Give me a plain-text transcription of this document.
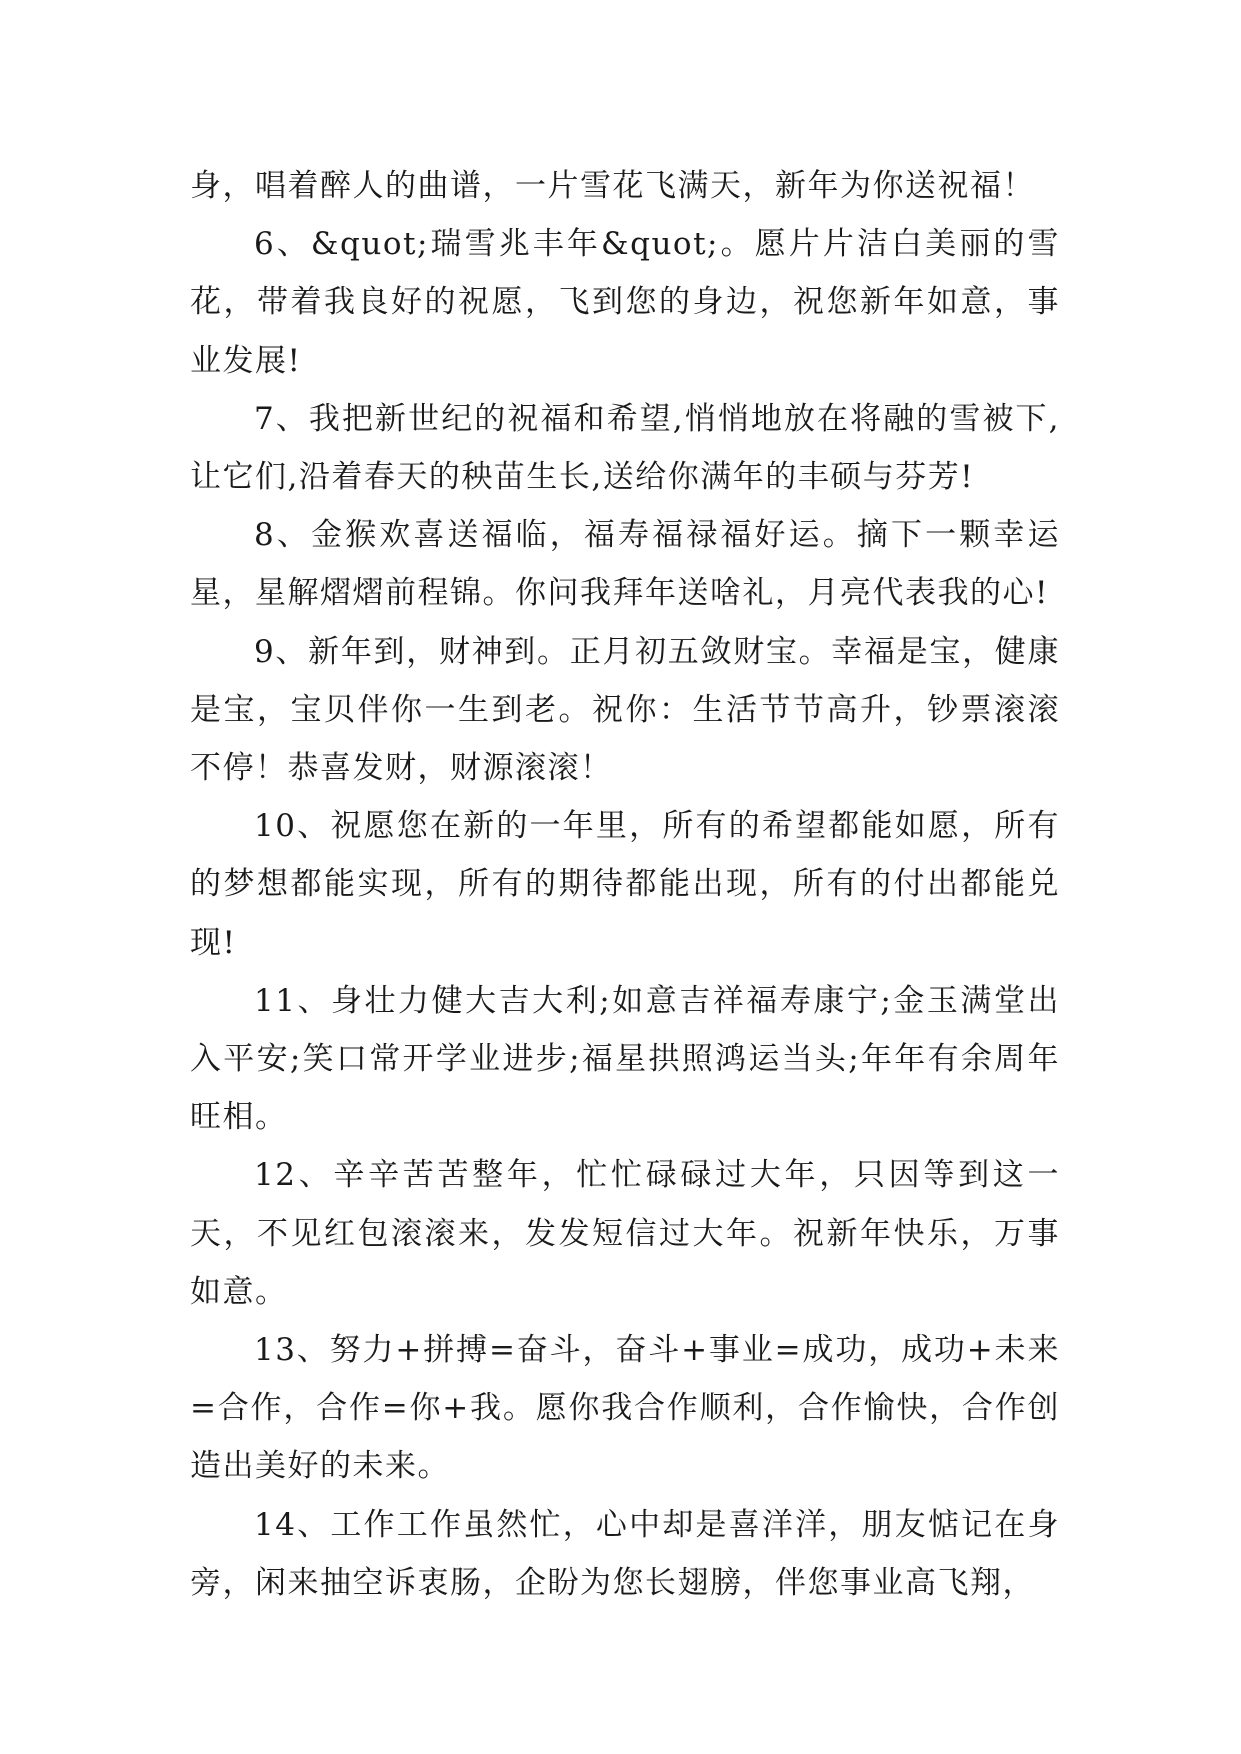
身，唱着醉人的曲谱，一片雪花飞满天，新年为你送祝福！

6、&quot;瑞雪兆丰年&quot;。愿片片洁白美丽的雪花，带着我良好的祝愿，飞到您的身边，祝您新年如意，事业发展!

7、我把新世纪的祝福和希望,悄悄地放在将融的雪被下,让它们,沿着春天的秧苗生长,送给你满年的丰硕与芬芳!

8、金猴欢喜送福临，福寿福禄福好运。摘下一颗幸运星，星解熠熠前程锦。你问我拜年送啥礼，月亮代表我的心!

9、新年到，财神到。正月初五敛财宝。幸福是宝，健康是宝，宝贝伴你一生到老。祝你：生活节节高升，钞票滚滚不停！恭喜发财，财源滚滚！

10、祝愿您在新的一年里，所有的希望都能如愿，所有的梦想都能实现，所有的期待都能出现，所有的付出都能兑现!

11、身壮力健大吉大利;如意吉祥福寿康宁;金玉满堂出入平安;笑口常开学业进步;福星拱照鸿运当头;年年有余周年旺相。

12、辛辛苦苦整年，忙忙碌碌过大年，只因等到这一天，不见红包滚滚来，发发短信过大年。祝新年快乐，万事如意。

13、努力+拼搏=奋斗，奋斗+事业=成功，成功+未来=合作，合作=你+我。愿你我合作顺利，合作愉快，合作创造出美好的未来。

14、工作工作虽然忙，心中却是喜洋洋，朋友惦记在身旁，闲来抽空诉衷肠，企盼为您长翅膀，伴您事业高飞翔，
